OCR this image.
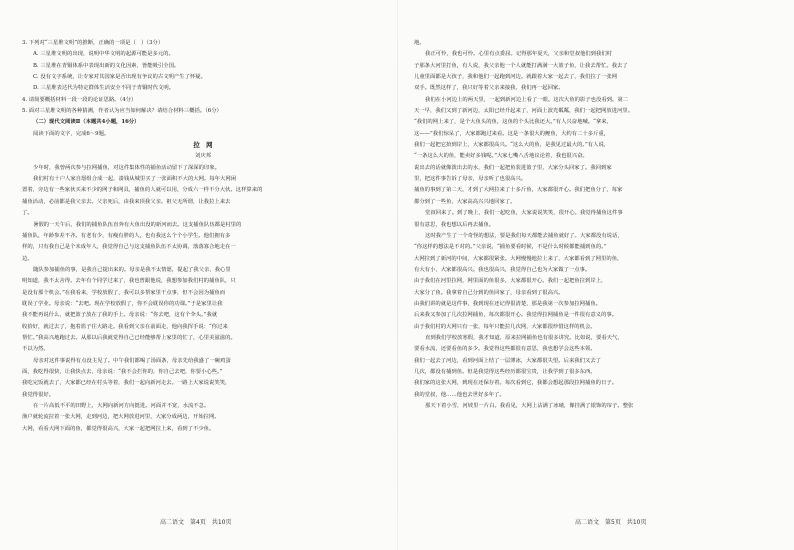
3. 下列对“三星堆文明”的推断，正确的一项是（　）（3分）
A. 三星堆文明的出现，说明中华文明的起源可能是多元的。
B. 三星堆在青铜体系中表现出新的文化因素，皆能吸引全国。
C. 没有文字系统，让专家对其国家是否出现有争议的古文明产生了怀疑。
D. 三星堆表达代为特定群体生活安全不同于青铜时代文明。
4. 请简要概括材料一段一段的论证思路。（4分）
5. 面对三星堆文明的各种猜测，作者认为应当如何解决？请结合材料三概括。（6分）
（二）现代文阅读Ⅱ（本题共4小题，16分）
阅读下面的文字，完成6～9题。
拉　网
刘庆邦
少年时，我曾两次参与拉网捕鱼，对这件集体性的捕鱼活动留下了深深的印象。
我们村有十户人家自愿组合成一起，凑钱从城里买了一张面积不大的大网。每年大网闲
置着，旁边有一些家伙买来不少的网子和网具，捕鱼的人就可以用，分成六一样不分大伙。这样算来的
捕鱼活动，必前都是我父亲去。父亲死后，由我来顶我父亲。祖父无所谓，让我拉上来去
了。
暑假的一天午后，我们的捕鱼队伍直奔有大鱼出没的新河而去。这支捕鱼队伍都是村里的
捕鱼队，年龄参差不齐。有老有少，有瘦有胖的人，也有我这么个个小学生。他们拥有多
样的，只有我自己是个未成年人，我觉得自己与这支捕鱼队伍不太协调，落落寡合地走在一
边。
随队参加捕鱼的事，是我自己提出来的。母亲是我不太情愿，提起了我父亲，我心里
明知道，我不太舍得。去年有个同学过来了，我也曾跟他说，我想参加我们村的捕鱼队，只
是没有那个机会。”在我看来，学校放假了，我可以多帮家里干点事，但不会因为捕鱼而
耽误了学业。母亲说：“去吧。现在学校放假了，你不会耽误你的功课。”于是家里让我
我不能再说什么，就把篮子放在了我的手上。母亲说：“你去吧，这有个伞头。”我就
收拾好，就过去了，抱着篮子往大路走。我看到父亲在前面走，他向我挥手说：“你过来
帮忙。”我高兴地跑过去。从那以后我就觉得自己已经能够帮上家里的忙了，心里美滋滋的。
不以为然。
母亲对这件事说得有点没主见了。中午我们都喝了汤面条，母亲先给我盛了一碗鸡蛋
面，我吃得很快，让我快点去，母亲说：“我不会拦你的，你自己去吧，你要小心些。”
我吃完饭就去了，大家都已经在村头等着，我们一起向新河走去。一路上大家说说笑笑，
我觉得很好。
在一片高低不平的田野上，大网向新河方向挺进。河面并不宽，水流不急。
渔户就轮流拉着一张大网，走到河边，把大网放进河里，大家分成两边，开始拉网。
大网，看看大网下面的鱼，都觉得很高兴，大家一起把网拉上来，看到了不少鱼。
地。
我正可怜，我也可怜。心里有点委屈。记得那年夏天，父亲和堂叔他们到我们村
子那条大河里打鱼，有人说，我父亲他一个人就能打满满一大篮子鱼，让我去帮忙。我去了
儿童里面都是大孩子，我和他们一起跑到河边。就跟着大家一起去了，我们拉了一张网
双手。既然这样了，我只好等着父亲来接我，我们再一起回家。
我们在小河边上的两天里，一起到新河边上看了一眼。这次大鱼的影子也没看到。第二
天一早，我们又到了新河边，太阳已经升起来了，河面上波光粼粼，我们一起把网放进河里。
“我们的网上来了，是个大鱼头的鱼，这鱼的个头比我还大。”有人兴奋地喊。“拿来，
这——”我们惊呆了，大家都跑过来看。这是一条很大的鲤鱼，大约有二十多斤重，
我们一起把它抬到岸上，大家都很高兴。“这么大的鱼，是我见过最大的。”有人说，
“一条这么大的鱼，能卖好多钱呢。”大家七嘴八舌地议论着，我也很兴奋。
说出去的话就像泼出去的水，我们一起把鱼装进篮子里，大家分头回家了。我回到家
里，把这件事告诉了母亲，母亲听了也很高兴。
捕鱼的事到了第二天，才到了大网拉来了十多斤鱼，大家都很开心。我们把鱼分了，每家
都分到了一些鱼，大家高高兴兴地回家了。
堂叔回来了。到了晚上，我们一起吃鱼，大家说说笑笑，很开心。我觉得捕鱼这件事
很有意思，我也想以后再去捕鱼。
这时我产生了一个奇怪的想法，要是我们每天都能去捕鱼就好了。大家都没有说话，
“你这样的想法是不对的。”父亲说，“捕鱼要看时候，不是什么时候都能捕到鱼的。”
大网拉到了新河的中间，大家都很紧张。大网慢慢地拉上来了，大家都看到了网里的鱼，
有大有小，大家都很高兴。我也很高兴，我觉得自己也为大家做了一点事。
由于我们在河里拉网，网里面的鱼很多，大家都很开心。我们一起把鱼拉到岸上，
大家分了鱼。我拿着自己分到的鱼回家了，母亲看到了很高兴。
由我们讲的就是这件事，我到现在还记得很清楚，那是我第一次参加拉网捕鱼。
后来我又参加了几次拉网捕鱼，每次都很开心。我觉得拉网捕鱼是一件很有意义的事。
由于我们村的大网只有一张，每年只能拉几次网，大家都很珍惜这样的机会。
直到我们学校放寒假，我才知道，原来拉网捕鱼也有很多讲究。比如说，要看天气，
要看水流，还要看鱼的多少。我觉得这些都很有意思，我也想学会这些本领。
我们一起去了河边，看到河面上结了一层薄冰，大家都很失望。后来我们又去了
几次，都没有捕到鱼。但是我觉得这些经历都很宝贵，让我学到了很多东西。
我们家的这张大网，到现在还保存着。每次看到它，我都会想起那段拉网捕鱼的日子。
我的堂叔，他……他也去世好多年了。
那天下着小雪，河坡里一片白。我看见，大网上沾满了冰碴，像挂满了银饰的帘子。整张
高二语文　第4页　共10页	高二语文　第5页　共10页
